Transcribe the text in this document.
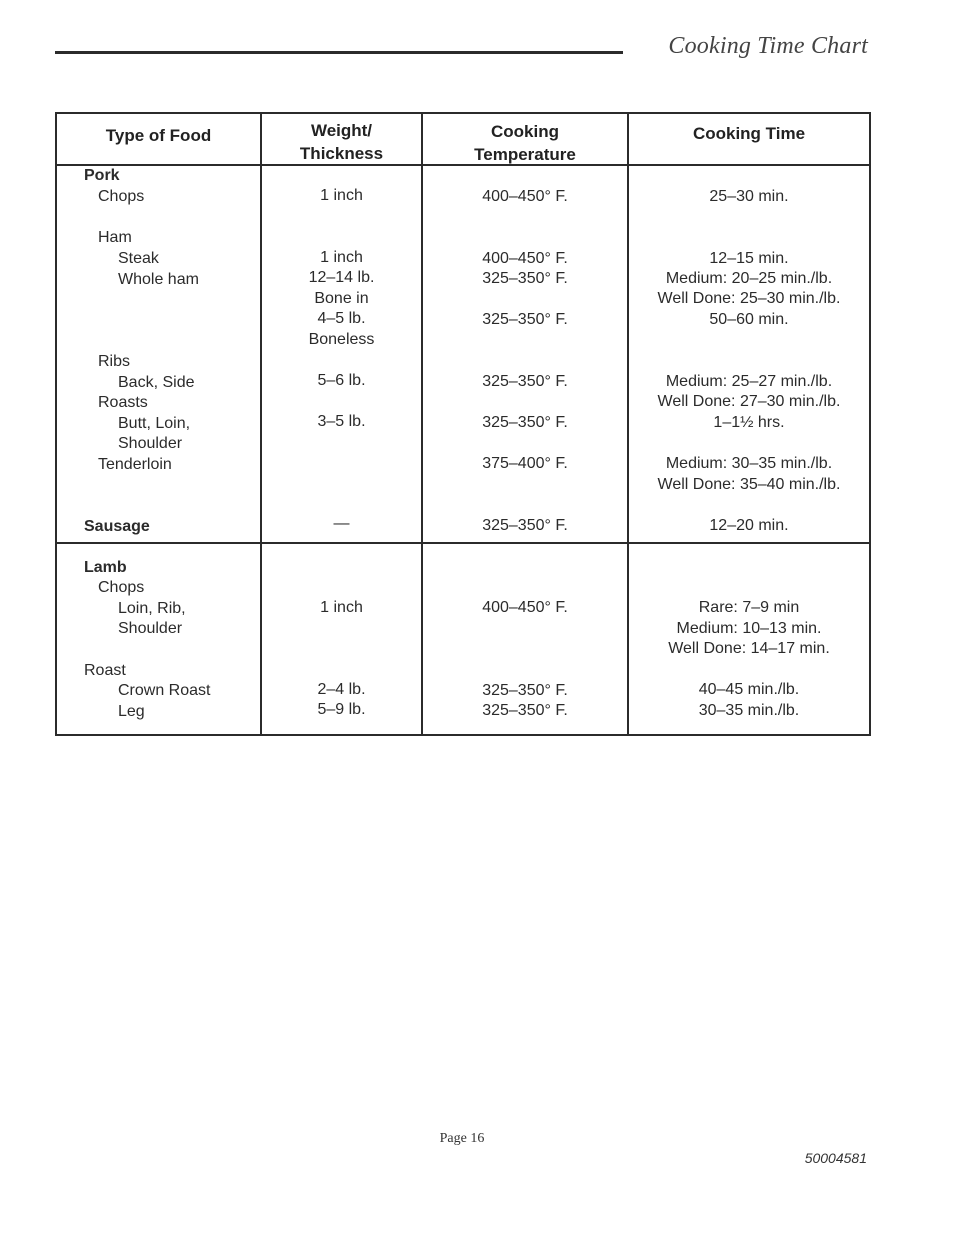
Cooking Time Chart
Type of Food	Weight/
Thickness
Cooking
Temperature
Cooking Time
Pork
Chops
Ham
Steak
Whole ham
Ribs
Back, Side
Roasts
Butt, Loin,
Shoulder
Tenderloin
Sausage
1 inch
1 inch
12–14 lb.
Bone in
4–5 lb.
Boneless
5–6 lb.
3–5 lb.
—
400–450° F.
400–450° F.
325–350° F.
325–350° F.
325–350° F.
325–350° F.
375–400° F.
325–350° F.
25–30 min.
12–15 min.
Medium: 20–25 min./lb.
Well Done: 25–30 min./lb.
50–60 min.
Medium: 25–27 min./lb.
Well Done: 27–30 min./lb.
1–1½ hrs.
Medium: 30–35 min./lb.
Well Done: 35–40 min./lb.
12–20 min.
Lamb
Chops
Loin, Rib,
Shoulder
Roast
Crown Roast
Leg
1 inch
2–4 lb.
5–9 lb.
400–450° F.
325–350° F.
325–350° F.
Rare: 7–9 min
Medium: 10–13 min.
Well Done: 14–17 min.
40–45 min./lb.
30–35 min./lb.
Page 16
50004581
